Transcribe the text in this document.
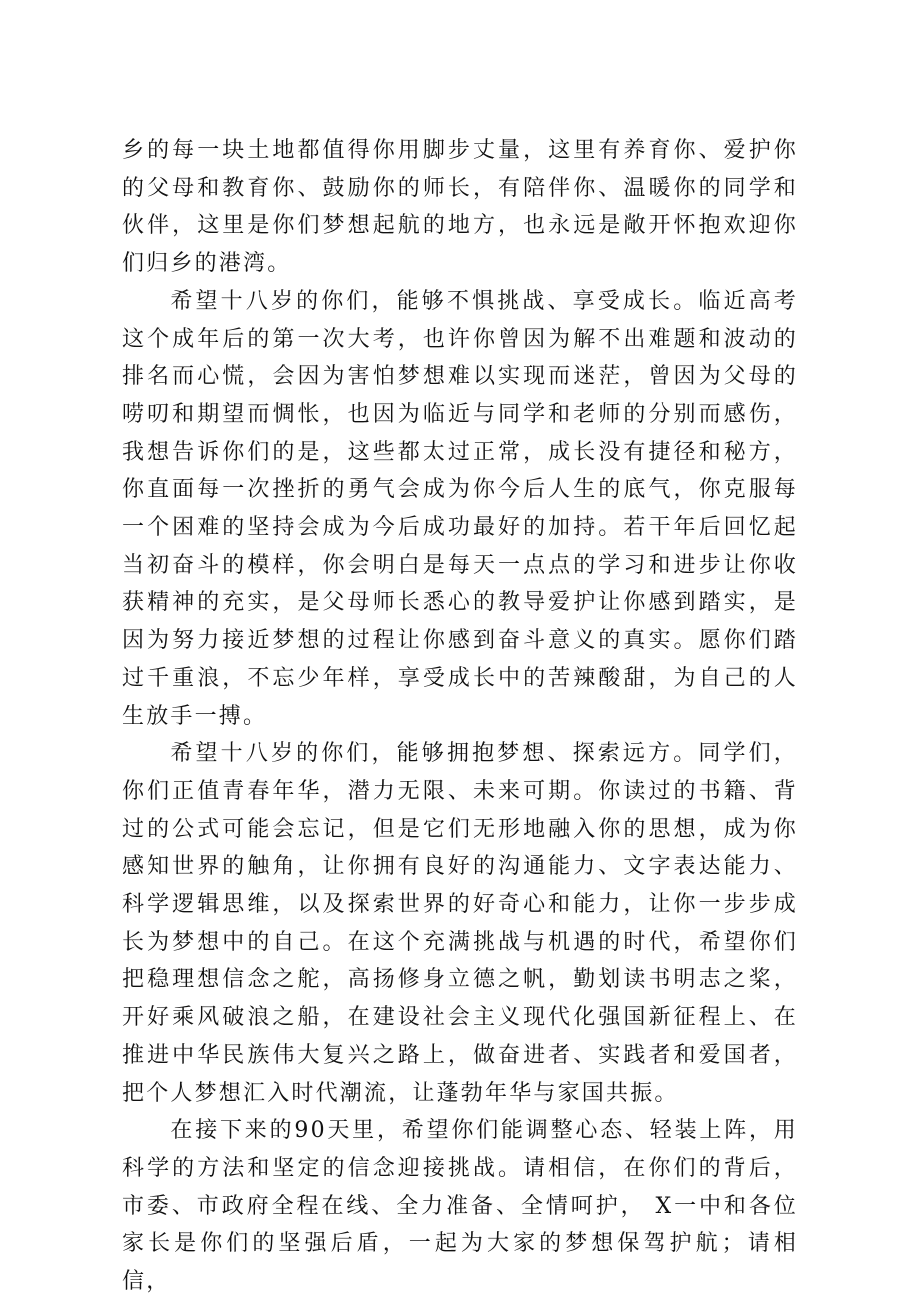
乡的每一块土地都值得你用脚步丈量，这里有养育你、爱护你的父母和教育你、鼓励你的师长，有陪伴你、温暖你的同学和伙伴，这里是你们梦想起航的地方，也永远是敞开怀抱欢迎你们归乡的港湾。

希望十八岁的你们，能够不惧挑战、享受成长。临近高考这个成年后的第一次大考，也许你曾因为解不出难题和波动的排名而心慌，会因为害怕梦想难以实现而迷茫，曾因为父母的唠叨和期望而惆怅，也因为临近与同学和老师的分别而感伤，我想告诉你们的是，这些都太过正常，成长没有捷径和秘方，你直面每一次挫折的勇气会成为你今后人生的底气，你克服每一个困难的坚持会成为今后成功最好的加持。若干年后回忆起当初奋斗的模样，你会明白是每天一点点的学习和进步让你收获精神的充实，是父母师长悉心的教导爱护让你感到踏实，是因为努力接近梦想的过程让你感到奋斗意义的真实。愿你们踏过千重浪，不忘少年样，享受成长中的苦辣酸甜，为自己的人生放手一搏。

希望十八岁的你们，能够拥抱梦想、探索远方。同学们，你们正值青春年华，潜力无限、未来可期。你读过的书籍、背过的公式可能会忘记，但是它们无形地融入你的思想，成为你感知世界的触角，让你拥有良好的沟通能力、文字表达能力、科学逻辑思维，以及探索世界的好奇心和能力，让你一步步成长为梦想中的自己。在这个充满挑战与机遇的时代，希望你们把稳理想信念之舵，高扬修身立德之帆，勤划读书明志之桨，开好乘风破浪之船，在建设社会主义现代化强国新征程上、在推进中华民族伟大复兴之路上，做奋进者、实践者和爱国者，把个人梦想汇入时代潮流，让蓬勃年华与家国共振。

在接下来的90天里，希望你们能调整心态、轻装上阵，用科学的方法和坚定的信念迎接挑战。请相信，在你们的背后，市委、市政府全程在线、全力准备、全情呵护， X一中和各位家长是你们的坚强后盾，一起为大家的梦想保驾护航；请相信，
